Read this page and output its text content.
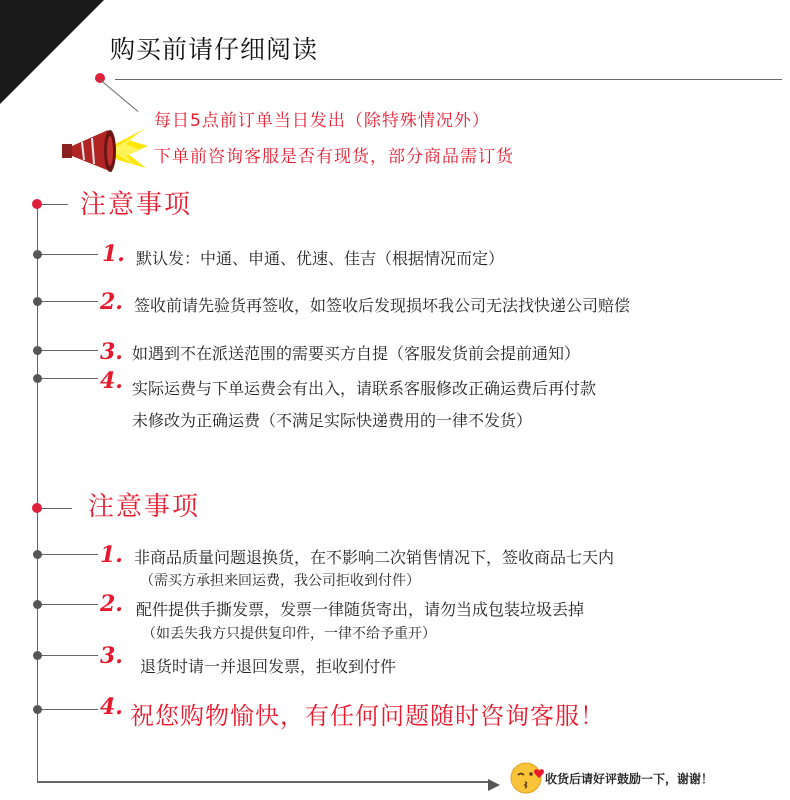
购买前请仔细阅读
每日5点前订单当日发出（除特殊情况外）
下单前咨询客服是否有现货，部分商品需订货
注意事项
1. 默认发：中通、申通、优速、佳吉（根据情况而定）
2. 签收前请先验货再签收，如签收后发现损坏我公司无法找快递公司赔偿
3. 如遇到不在派送范围的需要买方自提（客服发货前会提前通知）
4. 实际运费与下单运费会有出入，请联系客服修改正确运费后再付款
未修改为正确运费（不满足实际快递费用的一律不发货）
注意事项
1. 非商品质量问题退换货，在不影响二次销售情况下，签收商品七天内
（需买方承担来回运费，我公司拒收到付件）
2. 配件提供手撕发票，发票一律随货寄出，请勿当成包装垃圾丢掉
（如丢失我方只提供复印件，一律不给予重开）
3. 退货时请一并退回发票，拒收到付件
4. 祝您购物愉快，有任何问题随时咨询客服！
收货后请好评鼓励一下，谢谢！
